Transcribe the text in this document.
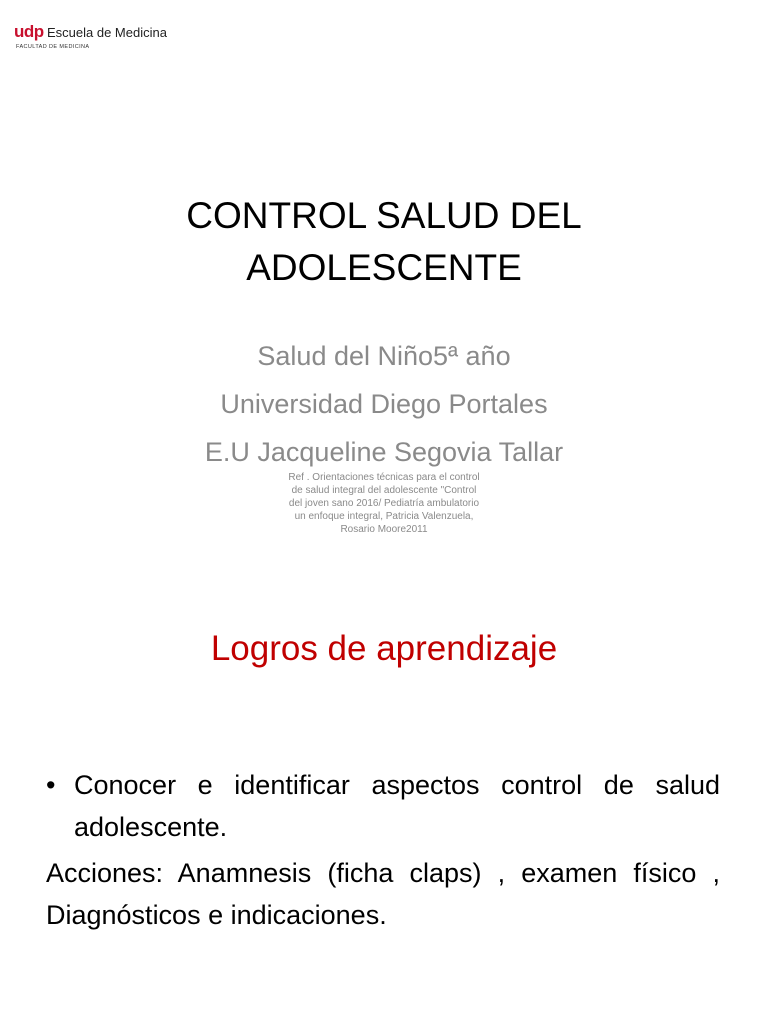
udp Escuela de Medicina
FACULTAD DE MEDICINA
CONTROL SALUD DEL
ADOLESCENTE
Salud del Niño5ª año
Universidad Diego Portales
E.U Jacqueline Segovia Tallar
Ref . Orientaciones técnicas para el control
de salud integral del adolescente "Control
del joven sano 2016/ Pediatría ambulatorio
un enfoque integral, Patricia Valenzuela,
Rosario Moore2011
Logros de aprendizaje
• Conocer e identificar aspectos control de salud adolescente.
Acciones: Anamnesis (ficha claps) , examen físico , Diagnósticos e indicaciones.
